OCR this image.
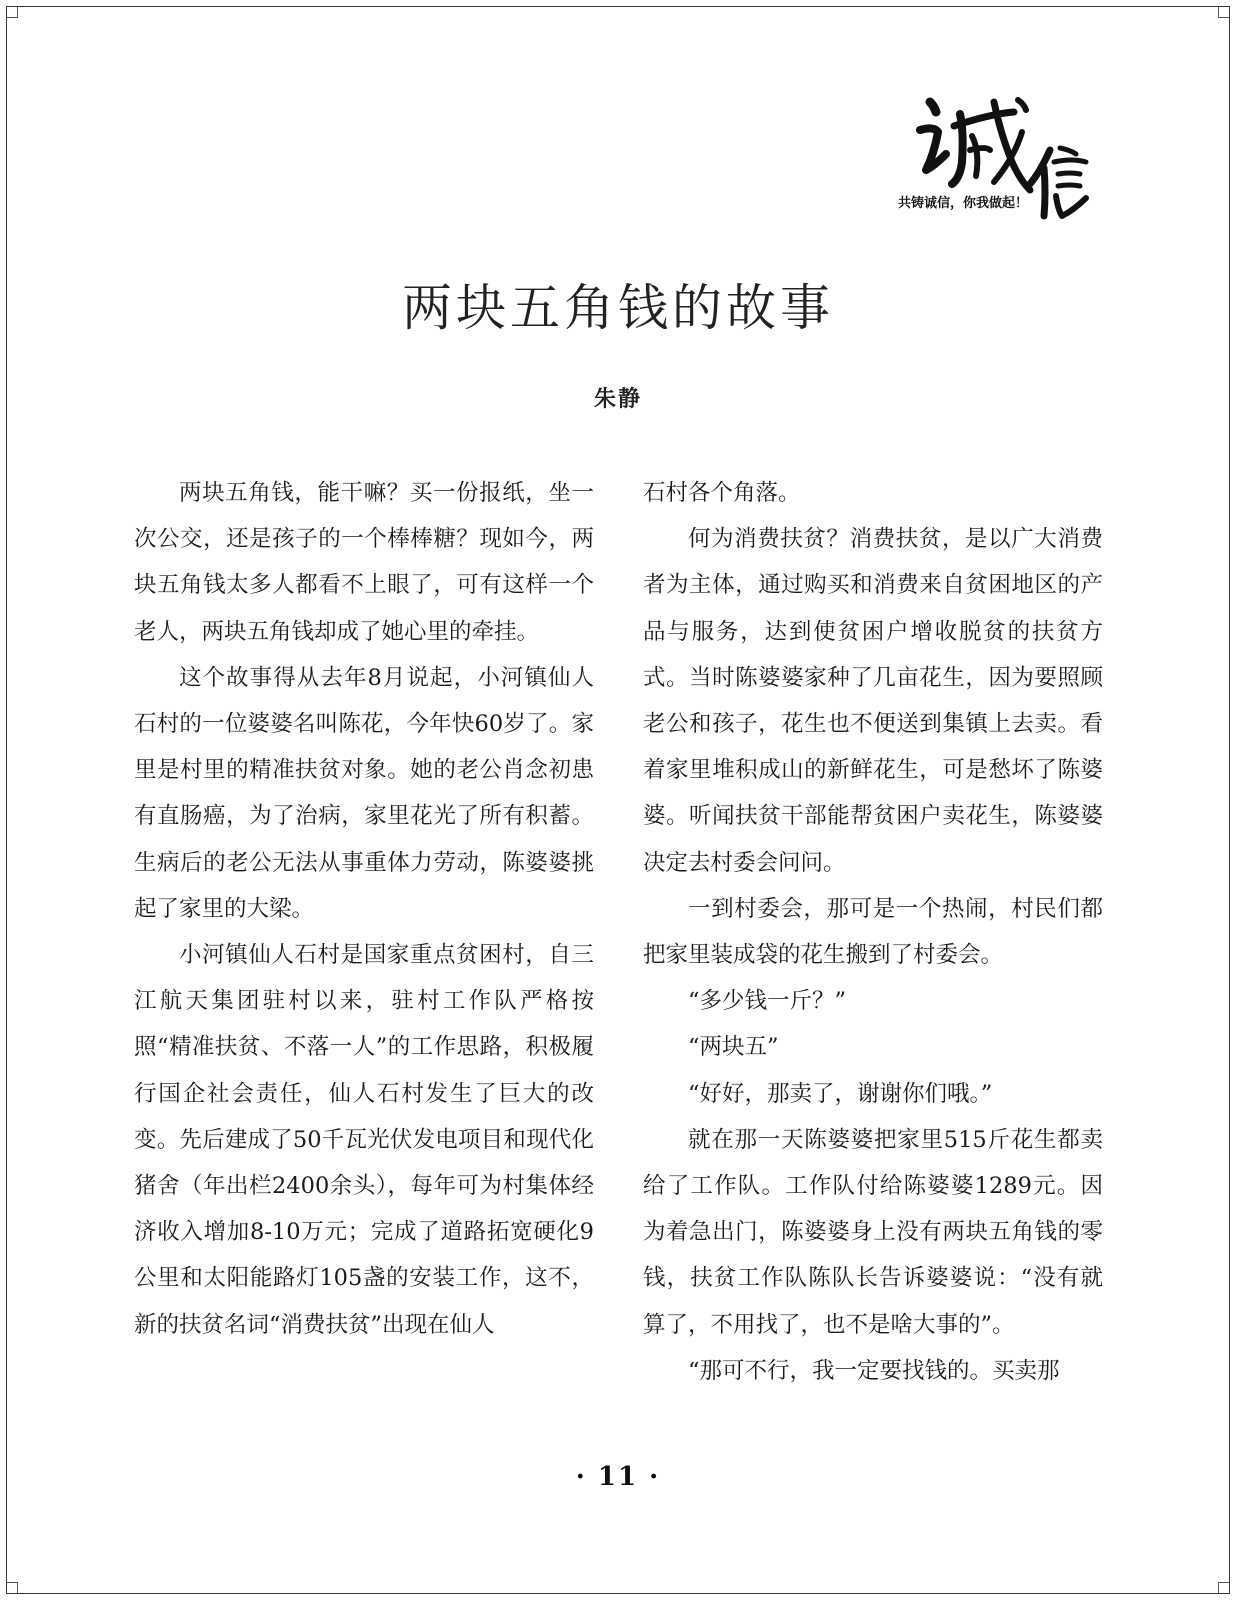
共铸诚信，你我做起！
两块五角钱的故事
朱静

两块五角钱，能干嘛？买一份报纸，坐一次公交，还是孩子的一个棒棒糖？现如今，两块五角钱太多人都看不上眼了，可有这样一个老人，两块五角钱却成了她心里的牵挂。

这个故事得从去年8月说起，小河镇仙人石村的一位婆婆名叫陈花，今年快60岁了。家里是村里的精准扶贫对象。她的老公肖念初患有直肠癌，为了治病，家里花光了所有积蓄。生病后的老公无法从事重体力劳动，陈婆婆挑起了家里的大梁。

小河镇仙人石村是国家重点贫困村，自三江航天集团驻村以来，驻村工作队严格按照“精准扶贫、不落一人”的工作思路，积极履行国企社会责任，仙人石村发生了巨大的改变。先后建成了50千瓦光伏发电项目和现代化猪舍（年出栏2400余头），每年可为村集体经济收入增加8-10万元；完成了道路拓宽硬化9公里和太阳能路灯105盏的安装工作，这不，新的扶贫名词“消费扶贫”出现在仙人

石村各个角落。

何为消费扶贫？消费扶贫，是以广大消费者为主体，通过购买和消费来自贫困地区的产品与服务，达到使贫困户增收脱贫的扶贫方式。当时陈婆婆家种了几亩花生，因为要照顾老公和孩子，花生也不便送到集镇上去卖。看着家里堆积成山的新鲜花生，可是愁坏了陈婆婆。听闻扶贫干部能帮贫困户卖花生，陈婆婆决定去村委会问问。

一到村委会，那可是一个热闹，村民们都把家里装成袋的花生搬到了村委会。

“多少钱一斤？”

“两块五”

“好好，那卖了，谢谢你们哦。”

就在那一天陈婆婆把家里515斤花生都卖给了工作队。工作队付给陈婆婆1289元。因为着急出门，陈婆婆身上没有两块五角钱的零钱，扶贫工作队陈队长告诉婆婆说：“没有就算了，不用找了，也不是啥大事的”。

“那可不行，我一定要找钱的。买卖那

· 11 ·
